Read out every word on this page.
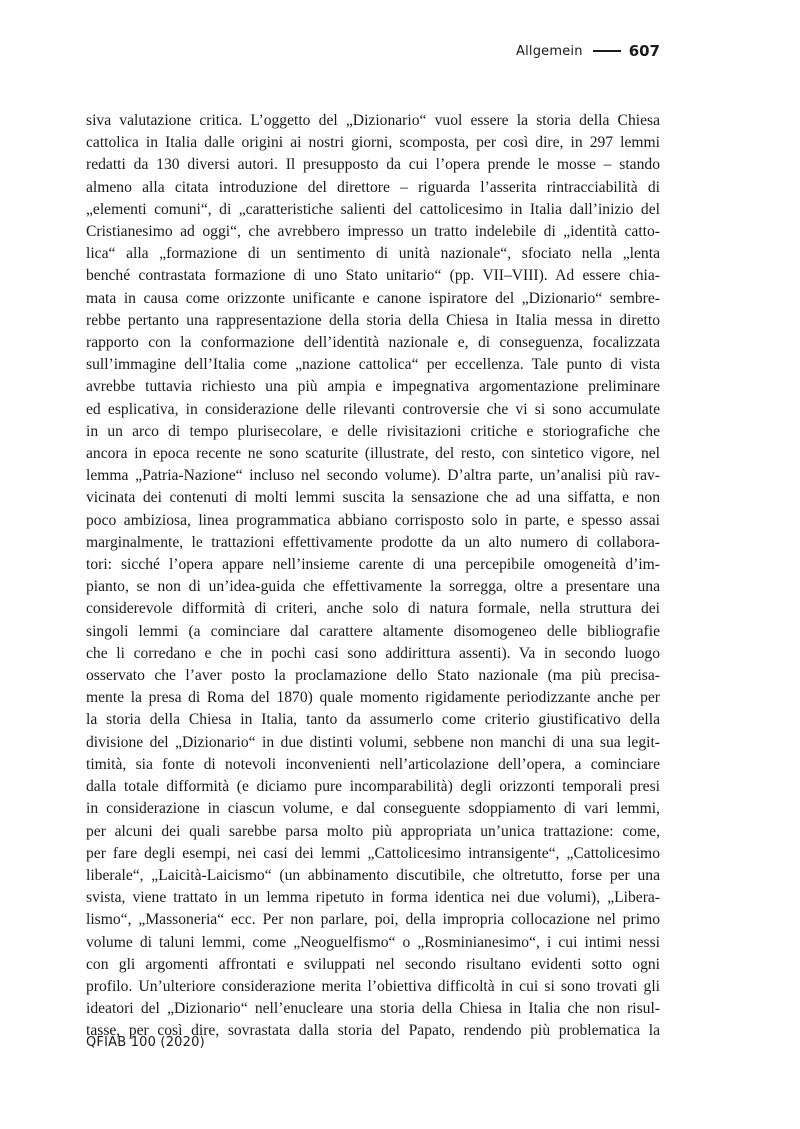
Allgemein	607
siva valutazione critica. L’oggetto del „Dizionario“ vuol essere la storia della Chiesa
cattolica in Italia dalle origini ai nostri giorni, scomposta, per così dire, in 297 lemmi
redatti da 130 diversi autori. Il presupposto da cui l’opera prende le mosse – stando
almeno alla citata introduzione del direttore – riguarda l’asserita rintracciabilità di
„elementi comuni“, di „caratteristiche salienti del cattolicesimo in Italia dall’inizio del
Cristianesimo ad oggi“, che avrebbero impresso un tratto indelebile di „identità catto-
lica“ alla „formazione di un sentimento di unità nazionale“, sfociato nella „lenta
benché contrastata formazione di uno Stato unitario“ (pp. VII–VIII). Ad essere chia-
mata in causa come orizzonte unificante e canone ispiratore del „Dizionario“ sembre-
rebbe pertanto una rappresentazione della storia della Chiesa in Italia messa in diretto
rapporto con la conformazione dell’identità nazionale e, di conseguenza, focalizzata
sull’immagine dell’Italia come „nazione cattolica“ per eccellenza. Tale punto di vista
avrebbe tuttavia richiesto una più ampia e impegnativa argomentazione preliminare
ed esplicativa, in considerazione delle rilevanti controversie che vi si sono accumulate
in un arco di tempo plurisecolare, e delle rivisitazioni critiche e storiografiche che
ancora in epoca recente ne sono scaturite (illustrate, del resto, con sintetico vigore, nel
lemma „Patria-Nazione“ incluso nel secondo volume). D’altra parte, un’analisi più rav-
vicinata dei contenuti di molti lemmi suscita la sensazione che ad una siffatta, e non
poco ambiziosa, linea programmatica abbiano corrisposto solo in parte, e spesso assai
marginalmente, le trattazioni effettivamente prodotte da un alto numero di collabora-
tori: sicché l’opera appare nell’insieme carente di una percepibile omogeneità d’im-
pianto, se non di un’idea-guida che effettivamente la sorregga, oltre a presentare una
considerevole difformità di criteri, anche solo di natura formale, nella struttura dei
singoli lemmi (a cominciare dal carattere altamente disomogeneo delle bibliografie
che li corredano e che in pochi casi sono addirittura assenti). Va in secondo luogo
osservato che l’aver posto la proclamazione dello Stato nazionale (ma più precisa-
mente la presa di Roma del 1870) quale momento rigidamente periodizzante anche per
la storia della Chiesa in Italia, tanto da assumerlo come criterio giustificativo della
divisione del „Dizionario“ in due distinti volumi, sebbene non manchi di una sua legit-
timità, sia fonte di notevoli inconvenienti nell’articolazione dell’opera, a cominciare
dalla totale difformità (e diciamo pure incomparabilità) degli orizzonti temporali presi
in considerazione in ciascun volume, e dal conseguente sdoppiamento di vari lemmi,
per alcuni dei quali sarebbe parsa molto più appropriata un’unica trattazione: come,
per fare degli esempi, nei casi dei lemmi „Cattolicesimo intransigente“, „Cattolicesimo
liberale“, „Laicità-Laicismo“ (un abbinamento discutibile, che oltretutto, forse per una
svista, viene trattato in un lemma ripetuto in forma identica nei due volumi), „Libera-
lismo“, „Massoneria“ ecc. Per non parlare, poi, della impropria collocazione nel primo
volume di taluni lemmi, come „Neoguelfismo“ o „Rosminianesimo“, i cui intimi nessi
con gli argomenti affrontati e sviluppati nel secondo risultano evidenti sotto ogni
profilo. Un’ulteriore considerazione merita l’obiettiva difficoltà in cui si sono trovati gli
ideatori del „Dizionario“ nell’enucleare una storia della Chiesa in Italia che non risul-
tasse, per così dire, sovrastata dalla storia del Papato, rendendo più problematica la
QFIAB 100 (2020)
